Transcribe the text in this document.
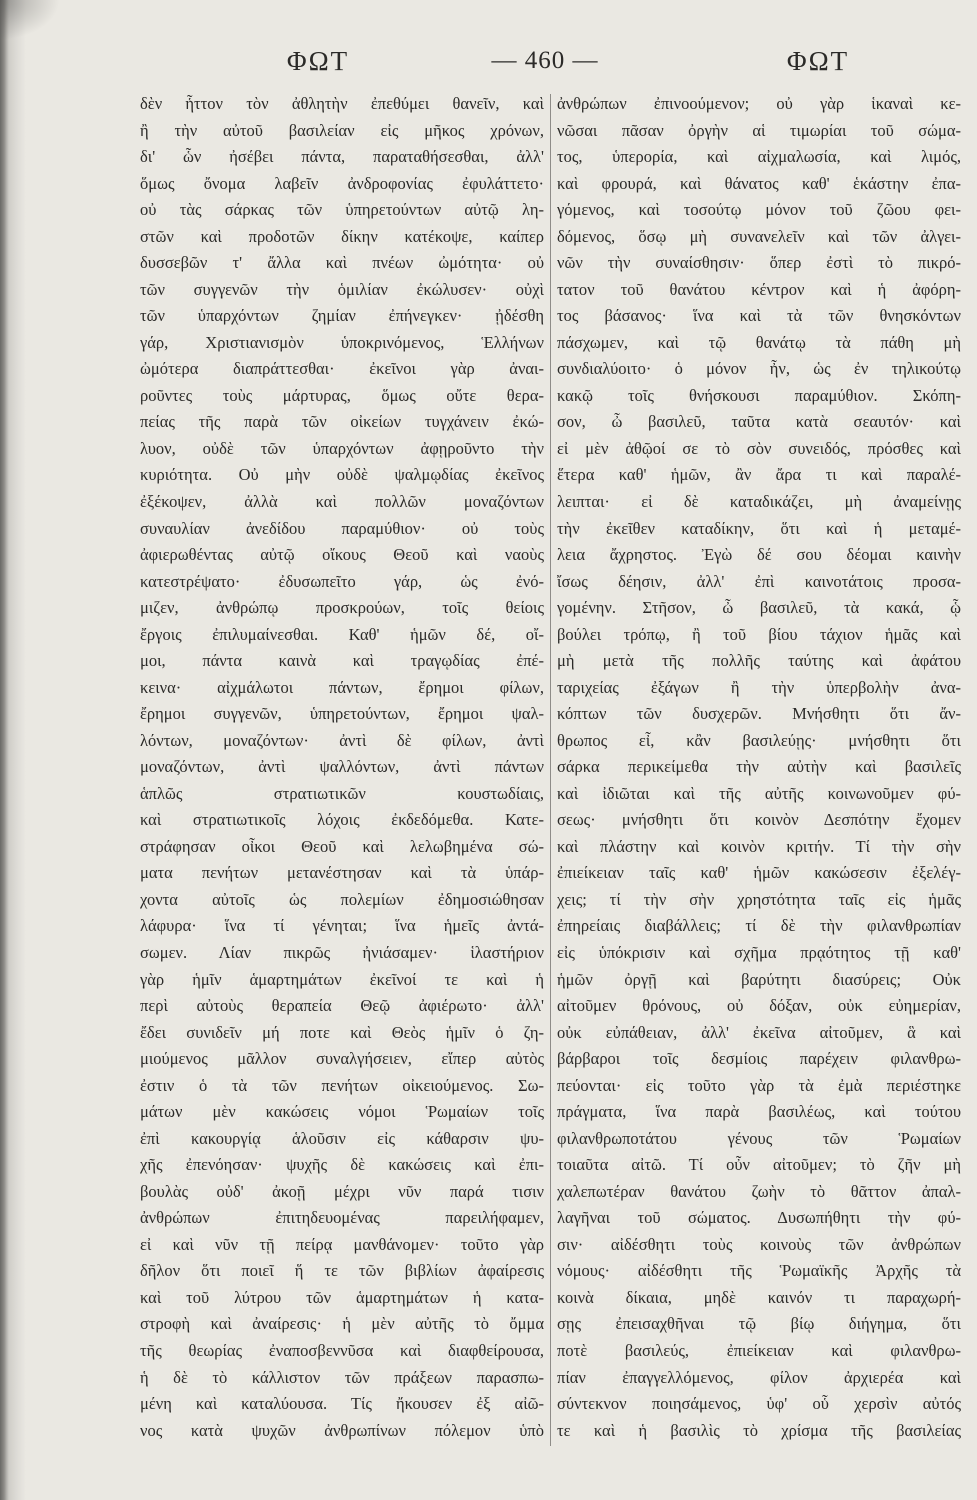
ΦΩΤ	— 460 —	ΦΩΤ
δὲν ἧττον τὸν ἀθλητὴν ἐπεθύμει θανεῖν, καὶ
ἢ τὴν αὐτοῦ βασιλείαν εἰς μῆκος χρόνων,
δι' ὧν ἠσέβει πάντα, παραταθήσεσθαι, ἀλλ'
ὅμως ὄνομα λαβεῖν ἀνδροφονίας ἐφυλάττετο·
οὐ τὰς σάρκας τῶν ὑπηρετούντων αὐτῷ λη-
στῶν καὶ προδοτῶν δίκην κατέκοψε, καίπερ
δυσσεβῶν τ' ἄλλα καὶ πνέων ὠμότητα· οὐ
τῶν συγγενῶν τὴν ὁμιλίαν ἐκώλυσεν· οὐχὶ
τῶν ὑπαρχόντων ζημίαν ἐπήνεγκεν· ᾐδέσθη
γάρ, Χριστιανισμὸν ὑποκρινόμενος, Ἑλλήνων
ὠμότερα διαπράττεσθαι· ἐκεῖνοι γὰρ ἀναι-
ροῦντες τοὺς μάρτυρας, ὅμως οὔτε θερα-
πείας τῆς παρὰ τῶν οἰκείων τυγχάνειν ἐκώ-
λυον, οὐδὲ τῶν ὑπαρχόντων ἀφῃροῦντο τὴν
κυριότητα. Οὐ μὴν οὐδὲ ψαλμῳδίας ἐκεῖνος
ἐξέκοψεν, ἀλλὰ καὶ πολλῶν μοναζόντων
συναυλίαν ἀνεδίδου παραμύθιον· οὐ τοὺς
ἀφιερωθέντας αὐτῷ οἴκους Θεοῦ καὶ ναοὺς
κατεστρέψατο· ἐδυσωπεῖτο γάρ, ὡς ἐνό-
μιζεν, ἀνθρώπῳ προσκρούων, τοῖς θείοις
ἔργοις ἐπιλυμαίνεσθαι. Καθ' ἡμῶν δέ, οἴ-
μοι, πάντα καινὰ καὶ τραγῳδίας ἐπέ-
κεινα· αἰχμάλωτοι πάντων, ἔρημοι φίλων,
ἔρημοι συγγενῶν, ὑπηρετούντων, ἔρημοι ψαλ-
λόντων, μοναζόντων· ἀντὶ δὲ φίλων, ἀντὶ
μοναζόντων, ἀντὶ ψαλλόντων, ἀντὶ πάντων
ἁπλῶς στρατιωτικῶν κουστωδίαις,
καὶ στρατιωτικοῖς λόχοις ἐκδεδόμεθα. Κατε-
στράφησαν οἶκοι Θεοῦ καὶ λελωβημένα σώ-
ματα πενήτων μετανέστησαν καὶ τὰ ὑπάρ-
χοντα αὐτοῖς ὡς πολεμίων ἐδημοσιώθησαν
λάφυρα· ἵνα τί γένηται; ἵνα ἡμεῖς ἀντά-
σωμεν. Λίαν πικρῶς ἠνιάσαμεν· ἱλαστήριον
γὰρ ἡμῖν ἁμαρτημάτων ἐκεῖνοί τε καὶ ἡ
περὶ αὐτοὺς θεραπεία Θεῷ ἀφιέρωτο· ἀλλ'
ἔδει συνιδεῖν μή ποτε καὶ Θεὸς ἡμῖν ὁ ζη-
μιούμενος μᾶλλον συναλγήσειεν, εἴπερ αὐτὸς
ἐστιν ὁ τὰ τῶν πενήτων οἰκειούμενος. Σω-
μάτων μὲν κακώσεις νόμοι Ῥωμαίων τοῖς
ἐπὶ κακουργίᾳ ἁλοῦσιν εἰς κάθαρσιν ψυ-
χῆς ἐπενόησαν· ψυχῆς δὲ κακώσεις καὶ ἐπι-
βουλὰς οὐδ' ἀκοῇ μέχρι νῦν παρά τισιν
ἀνθρώπων ἐπιτηδευομένας παρειλήφαμεν,
εἰ καὶ νῦν τῇ πείρᾳ μανθάνομεν· τοῦτο γὰρ
δῆλον ὅτι ποιεῖ ἥ τε τῶν βιβλίων ἀφαίρεσις
καὶ τοῦ λύτρου τῶν ἁμαρτημάτων ἡ κατα-
στροφὴ καὶ ἀναίρεσις· ἡ μὲν αὐτῆς τὸ ὄμμα
τῆς θεωρίας ἐναποσβεννῦσα καὶ διαφθείρουσα,
ἡ δὲ τὸ κάλλιστον τῶν πράξεων παρασπω-
μένη καὶ καταλύουσα. Τίς ἤκουσεν ἐξ αἰῶ-
νος κατὰ ψυχῶν ἀνθρωπίνων πόλεμον ὑπὸ
ἀνθρώπων ἐπινοούμενον; οὐ γὰρ ἱκαναὶ κε-
νῶσαι πᾶσαν ὀργὴν αἱ τιμωρίαι τοῦ σώμα-
τος, ὑπερορία, καὶ αἰχμαλωσία, καὶ λιμός,
καὶ φρουρά, καὶ θάνατος καθ' ἑκάστην ἐπα-
γόμενος, καὶ τοσούτῳ μόνον τοῦ ζῶου φει-
δόμενος, ὅσῳ μὴ συνανελεῖν καὶ τῶν ἀλγει-
νῶν τὴν συναίσθησιν· ὅπερ ἐστὶ τὸ πικρό-
τατον τοῦ θανάτου κέντρον καὶ ἡ ἀφόρη-
τος βάσανος· ἵνα καὶ τὰ τῶν θνησκόντων
πάσχωμεν, καὶ τῷ θανάτῳ τὰ πάθη μὴ
συνδιαλύοιτο· ὁ μόνον ἦν, ὡς ἐν τηλικούτῳ
κακῷ τοῖς θνήσκουσι παραμύθιον. Σκόπη-
σον, ὦ βασιλεῦ, ταῦτα κατὰ σεαυτόν· καὶ
εἰ μὲν ἀθῷοί σε τὸ σὸν συνειδός, πρόσθες καὶ
ἕτερα καθ' ἡμῶν, ἂν ἄρα τι καὶ παραλέ-
λειπται· εἰ δὲ καταδικάζει, μὴ ἀναμείνῃς
τὴν ἐκεῖθεν καταδίκην, ὅτι καὶ ἡ μεταμέ-
λεια ἄχρηστος. Ἐγὼ δέ σου δέομαι καινὴν
ἴσως δέησιν, ἀλλ' ἐπὶ καινοτάτοις προσα-
γομένην. Στῆσον, ὦ βασιλεῦ, τὰ κακά, ᾧ
βούλει τρόπῳ, ἢ τοῦ βίου τάχιον ἡμᾶς καὶ
μὴ μετὰ τῆς πολλῆς ταύτης καὶ ἀφάτου
ταριχείας ἐξάγων ἢ τὴν ὑπερβολὴν ἀνα-
κόπτων τῶν δυσχερῶν. Μνήσθητι ὅτι ἄν-
θρωπος εἶ, κἂν βασιλεύῃς· μνήσθητι ὅτι
σάρκα περικείμεθα τὴν αὐτὴν καὶ βασιλεῖς
καὶ ἰδιῶται καὶ τῆς αὐτῆς κοινωνοῦμεν φύ-
σεως· μνήσθητι ὅτι κοινὸν Δεσπότην ἔχομεν
καὶ πλάστην καὶ κοινὸν κριτήν. Τί τὴν σὴν
ἐπιείκειαν ταῖς καθ' ἡμῶν κακώσεσιν ἐξελέγ-
χεις; τί τὴν σὴν χρηστότητα ταῖς εἰς ἡμᾶς
ἐπηρείαις διαβάλλεις; τί δὲ τὴν φιλανθρωπίαν
εἰς ὑπόκρισιν καὶ σχῆμα πρᾳότητος τῇ καθ'
ἡμῶν ὀργῇ καὶ βαρύτητι διασύρεις; Οὐκ
αἰτοῦμεν θρόνους, οὐ δόξαν, οὐκ εὐημερίαν,
οὐκ εὐπάθειαν, ἀλλ' ἐκεῖνα αἰτοῦμεν, ἃ καὶ
βάρβαροι τοῖς δεσμίοις παρέχειν φιλανθρω-
πεύονται· εἰς τοῦτο γὰρ τὰ ἐμὰ περιέστηκε
πράγματα, ἵνα παρὰ βασιλέως, καὶ τούτου
φιλανθρωποτάτου γένους τῶν Ῥωμαίων
τοιαῦτα αἰτῶ. Τί οὖν αἰτοῦμεν; τὸ ζῆν μὴ
χαλεπωτέραν θανάτου ζωὴν τὸ θᾶττον ἀπαλ-
λαγῆναι τοῦ σώματος. Δυσωπήθητι τὴν φύ-
σιν· αἰδέσθητι τοὺς κοινοὺς τῶν ἀνθρώπων
νόμους· αἰδέσθητι τῆς Ῥωμαϊκῆς Ἀρχῆς τὰ
κοινὰ δίκαια, μηδὲ καινόν τι παραχωρή-
σῃς ἐπεισαχθῆναι τῷ βίῳ διήγημα, ὅτι
ποτὲ βασιλεύς, ἐπιείκειαν καὶ φιλανθρω-
πίαν ἐπαγγελλόμενος, φίλον ἀρχιερέα καὶ
σύντεκνον ποιησάμενος, ὑφ' οὗ χερσὶν αὐτός
τε καὶ ἡ βασιλὶς τὸ χρίσμα τῆς βασιλείας
